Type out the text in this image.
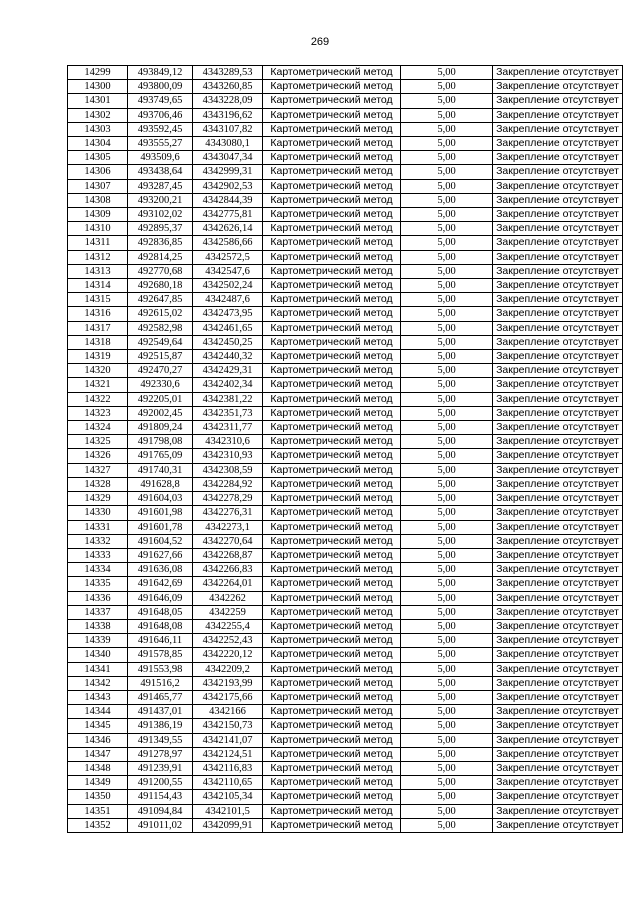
269
14299	493849,12	4343289,53	Картометрический метод	5,00	Закрепление отсутствует
14300	493800,09	4343260,85	Картометрический метод	5,00	Закрепление отсутствует
14301	493749,65	4343228,09	Картометрический метод	5,00	Закрепление отсутствует
14302	493706,46	4343196,62	Картометрический метод	5,00	Закрепление отсутствует
14303	493592,45	4343107,82	Картометрический метод	5,00	Закрепление отсутствует
14304	493555,27	4343080,1	Картометрический метод	5,00	Закрепление отсутствует
14305	493509,6	4343047,34	Картометрический метод	5,00	Закрепление отсутствует
14306	493438,64	4342999,31	Картометрический метод	5,00	Закрепление отсутствует
14307	493287,45	4342902,53	Картометрический метод	5,00	Закрепление отсутствует
14308	493200,21	4342844,39	Картометрический метод	5,00	Закрепление отсутствует
14309	493102,02	4342775,81	Картометрический метод	5,00	Закрепление отсутствует
14310	492895,37	4342626,14	Картометрический метод	5,00	Закрепление отсутствует
14311	492836,85	4342586,66	Картометрический метод	5,00	Закрепление отсутствует
14312	492814,25	4342572,5	Картометрический метод	5,00	Закрепление отсутствует
14313	492770,68	4342547,6	Картометрический метод	5,00	Закрепление отсутствует
14314	492680,18	4342502,24	Картометрический метод	5,00	Закрепление отсутствует
14315	492647,85	4342487,6	Картометрический метод	5,00	Закрепление отсутствует
14316	492615,02	4342473,95	Картометрический метод	5,00	Закрепление отсутствует
14317	492582,98	4342461,65	Картометрический метод	5,00	Закрепление отсутствует
14318	492549,64	4342450,25	Картометрический метод	5,00	Закрепление отсутствует
14319	492515,87	4342440,32	Картометрический метод	5,00	Закрепление отсутствует
14320	492470,27	4342429,31	Картометрический метод	5,00	Закрепление отсутствует
14321	492330,6	4342402,34	Картометрический метод	5,00	Закрепление отсутствует
14322	492205,01	4342381,22	Картометрический метод	5,00	Закрепление отсутствует
14323	492002,45	4342351,73	Картометрический метод	5,00	Закрепление отсутствует
14324	491809,24	4342311,77	Картометрический метод	5,00	Закрепление отсутствует
14325	491798,08	4342310,6	Картометрический метод	5,00	Закрепление отсутствует
14326	491765,09	4342310,93	Картометрический метод	5,00	Закрепление отсутствует
14327	491740,31	4342308,59	Картометрический метод	5,00	Закрепление отсутствует
14328	491628,8	4342284,92	Картометрический метод	5,00	Закрепление отсутствует
14329	491604,03	4342278,29	Картометрический метод	5,00	Закрепление отсутствует
14330	491601,98	4342276,31	Картометрический метод	5,00	Закрепление отсутствует
14331	491601,78	4342273,1	Картометрический метод	5,00	Закрепление отсутствует
14332	491604,52	4342270,64	Картометрический метод	5,00	Закрепление отсутствует
14333	491627,66	4342268,87	Картометрический метод	5,00	Закрепление отсутствует
14334	491636,08	4342266,83	Картометрический метод	5,00	Закрепление отсутствует
14335	491642,69	4342264,01	Картометрический метод	5,00	Закрепление отсутствует
14336	491646,09	4342262	Картометрический метод	5,00	Закрепление отсутствует
14337	491648,05	4342259	Картометрический метод	5,00	Закрепление отсутствует
14338	491648,08	4342255,4	Картометрический метод	5,00	Закрепление отсутствует
14339	491646,11	4342252,43	Картометрический метод	5,00	Закрепление отсутствует
14340	491578,85	4342220,12	Картометрический метод	5,00	Закрепление отсутствует
14341	491553,98	4342209,2	Картометрический метод	5,00	Закрепление отсутствует
14342	491516,2	4342193,99	Картометрический метод	5,00	Закрепление отсутствует
14343	491465,77	4342175,66	Картометрический метод	5,00	Закрепление отсутствует
14344	491437,01	4342166	Картометрический метод	5,00	Закрепление отсутствует
14345	491386,19	4342150,73	Картометрический метод	5,00	Закрепление отсутствует
14346	491349,55	4342141,07	Картометрический метод	5,00	Закрепление отсутствует
14347	491278,97	4342124,51	Картометрический метод	5,00	Закрепление отсутствует
14348	491239,91	4342116,83	Картометрический метод	5,00	Закрепление отсутствует
14349	491200,55	4342110,65	Картометрический метод	5,00	Закрепление отсутствует
14350	491154,43	4342105,34	Картометрический метод	5,00	Закрепление отсутствует
14351	491094,84	4342101,5	Картометрический метод	5,00	Закрепление отсутствует
14352	491011,02	4342099,91	Картометрический метод	5,00	Закрепление отсутствует
